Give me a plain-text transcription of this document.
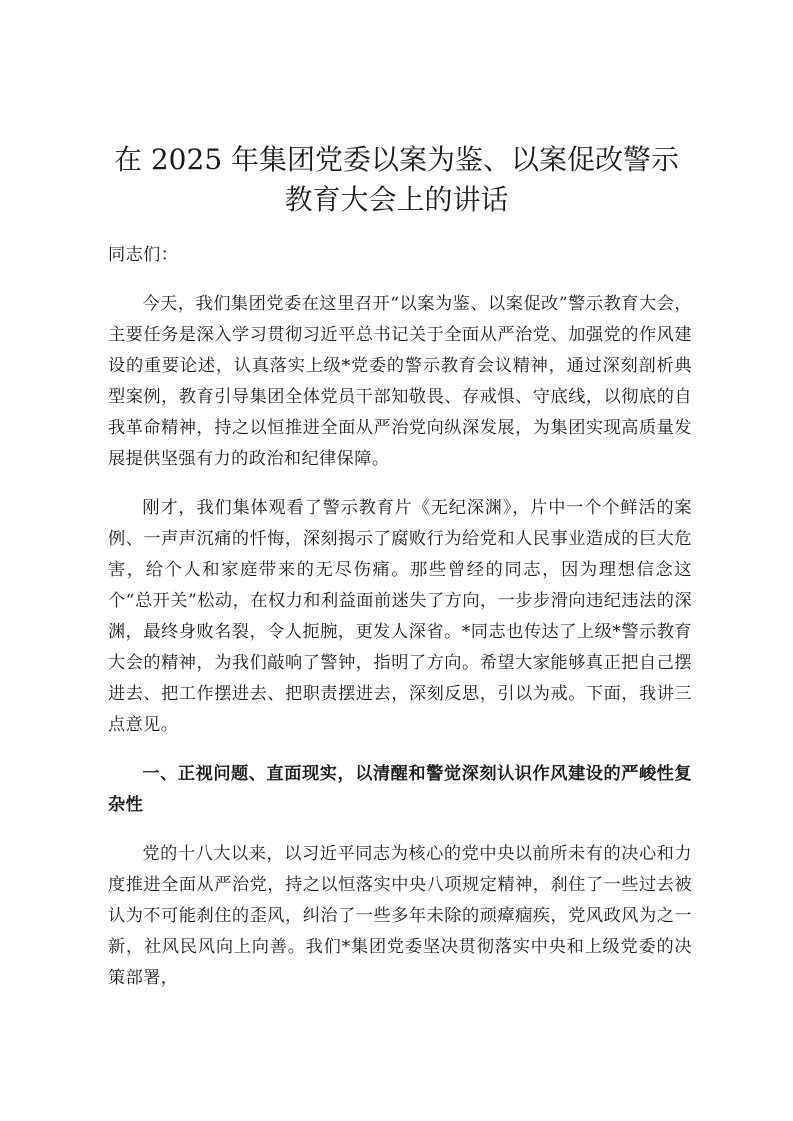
在 2025 年集团党委以案为鉴、以案促改警示
教育大会上的讲话

同志们：

今天，我们集团党委在这里召开“以案为鉴、以案促改”警示教育大会，主要任务是深入学习贯彻习近平总书记关于全面从严治党、加强党的作风建设的重要论述，认真落实上级*党委的警示教育会议精神，通过深刻剖析典型案例，教育引导集团全体党员干部知敬畏、存戒惧、守底线，以彻底的自我革命精神，持之以恒推进全面从严治党向纵深发展，为集团实现高质量发展提供坚强有力的政治和纪律保障。

刚才，我们集体观看了警示教育片《无纪深渊》，片中一个个鲜活的案例、一声声沉痛的忏悔，深刻揭示了腐败行为给党和人民事业造成的巨大危害，给个人和家庭带来的无尽伤痛。那些曾经的同志，因为理想信念这个“总开关”松动，在权力和利益面前迷失了方向，一步步滑向违纪违法的深渊，最终身败名裂，令人扼腕，更发人深省。*同志也传达了上级*警示教育大会的精神，为我们敲响了警钟，指明了方向。希望大家能够真正把自己摆进去、把工作摆进去、把职责摆进去，深刻反思，引以为戒。下面，我讲三点意见。

一、正视问题、直面现实，以清醒和警觉深刻认识作风建设的严峻性复杂性

党的十八大以来，以习近平同志为核心的党中央以前所未有的决心和力度推进全面从严治党，持之以恒落实中央八项规定精神，刹住了一些过去被认为不可能刹住的歪风，纠治了一些多年未除的顽瘴痼疾，党风政风为之一新，社风民风向上向善。我们*集团党委坚决贯彻落实中央和上级党委的决策部署，
